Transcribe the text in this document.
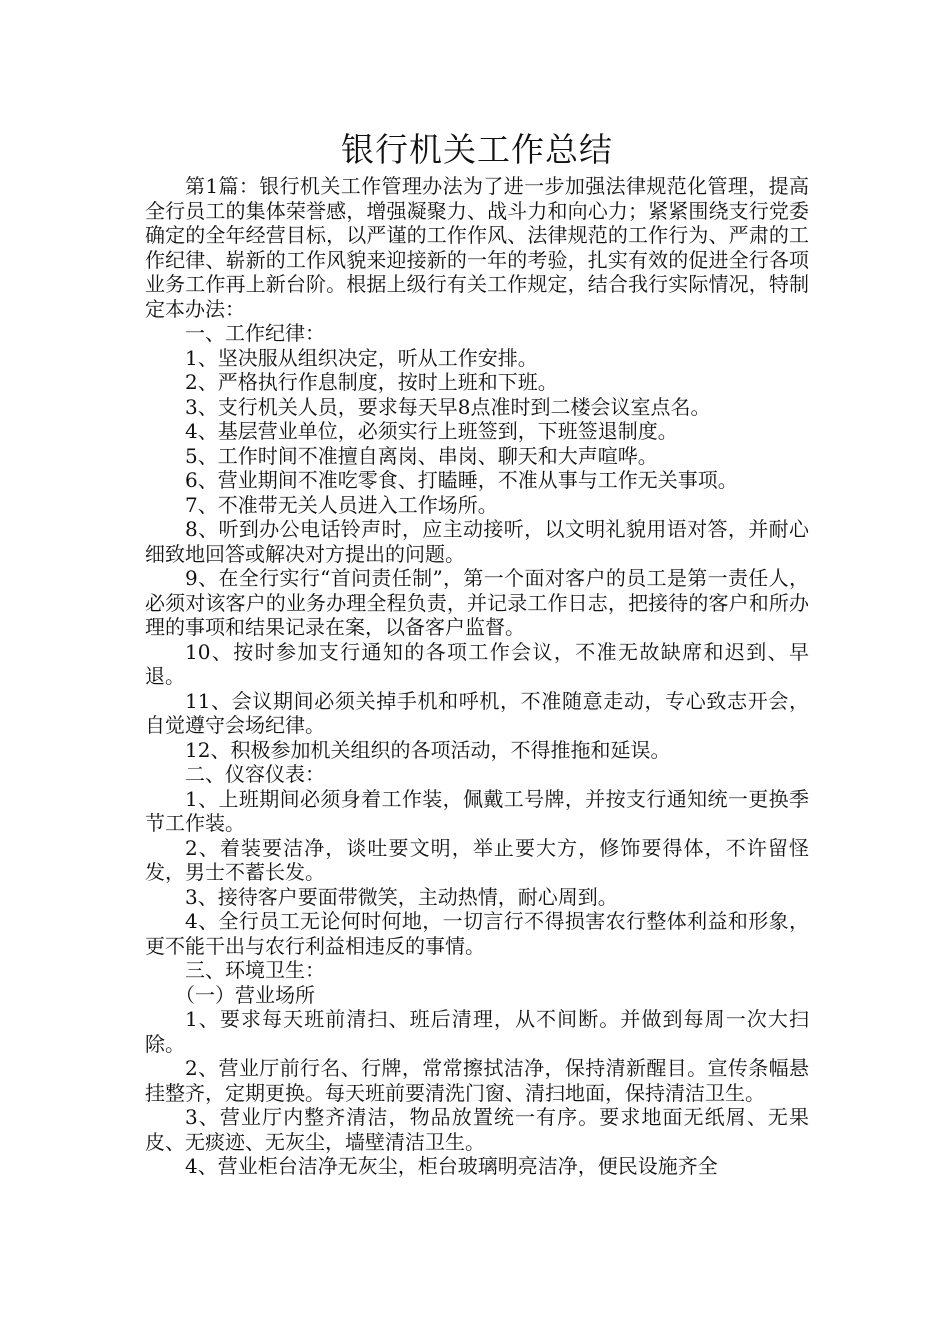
银行机关工作总结

第1篇：银行机关工作管理办法为了进一步加强法律规范化管理，提高全行员工的集体荣誉感，增强凝聚力、战斗力和向心力；紧紧围绕支行党委确定的全年经营目标，以严谨的工作作风、法律规范的工作行为、严肃的工作纪律、崭新的工作风貌来迎接新的一年的考验，扎实有效的促进全行各项业务工作再上新台阶。根据上级行有关工作规定，结合我行实际情况，特制定本办法：

一、工作纪律：

1、坚决服从组织决定，听从工作安排。

2、严格执行作息制度，按时上班和下班。

3、支行机关人员，要求每天早8点准时到二楼会议室点名。

4、基层营业单位，必须实行上班签到，下班签退制度。

5、工作时间不准擅自离岗、串岗、聊天和大声喧哗。

6、营业期间不准吃零食、打瞌睡，不准从事与工作无关事项。

7、不准带无关人员进入工作场所。

8、听到办公电话铃声时，应主动接听，以文明礼貌用语对答，并耐心细致地回答或解决对方提出的问题。

9、在全行实行“首问责任制”，第一个面对客户的员工是第一责任人，必须对该客户的业务办理全程负责，并记录工作日志，把接待的客户和所办理的事项和结果记录在案，以备客户监督。

10、按时参加支行通知的各项工作会议，不准无故缺席和迟到、早退。

11、会议期间必须关掉手机和呼机，不准随意走动，专心致志开会，自觉遵守会场纪律。

12、积极参加机关组织的各项活动，不得推拖和延误。

二、仪容仪表：

1、上班期间必须身着工作装，佩戴工号牌，并按支行通知统一更换季节工作装。

2、着装要洁净，谈吐要文明，举止要大方，修饰要得体，不许留怪发，男士不蓄长发。

3、接待客户要面带微笑，主动热情，耐心周到。

4、全行员工无论何时何地，一切言行不得损害农行整体利益和形象，更不能干出与农行利益相违反的事情。

三、环境卫生：

（一）营业场所

1、要求每天班前清扫、班后清理，从不间断。并做到每周一次大扫除。

2、营业厅前行名、行牌，常常擦拭洁净，保持清新醒目。宣传条幅悬挂整齐，定期更换。每天班前要清洗门窗、清扫地面，保持清洁卫生。

3、营业厅内整齐清洁，物品放置统一有序。要求地面无纸屑、无果皮、无痰迹、无灰尘，墙壁清洁卫生。

4、营业柜台洁净无灰尘，柜台玻璃明亮洁净，便民设施齐全
